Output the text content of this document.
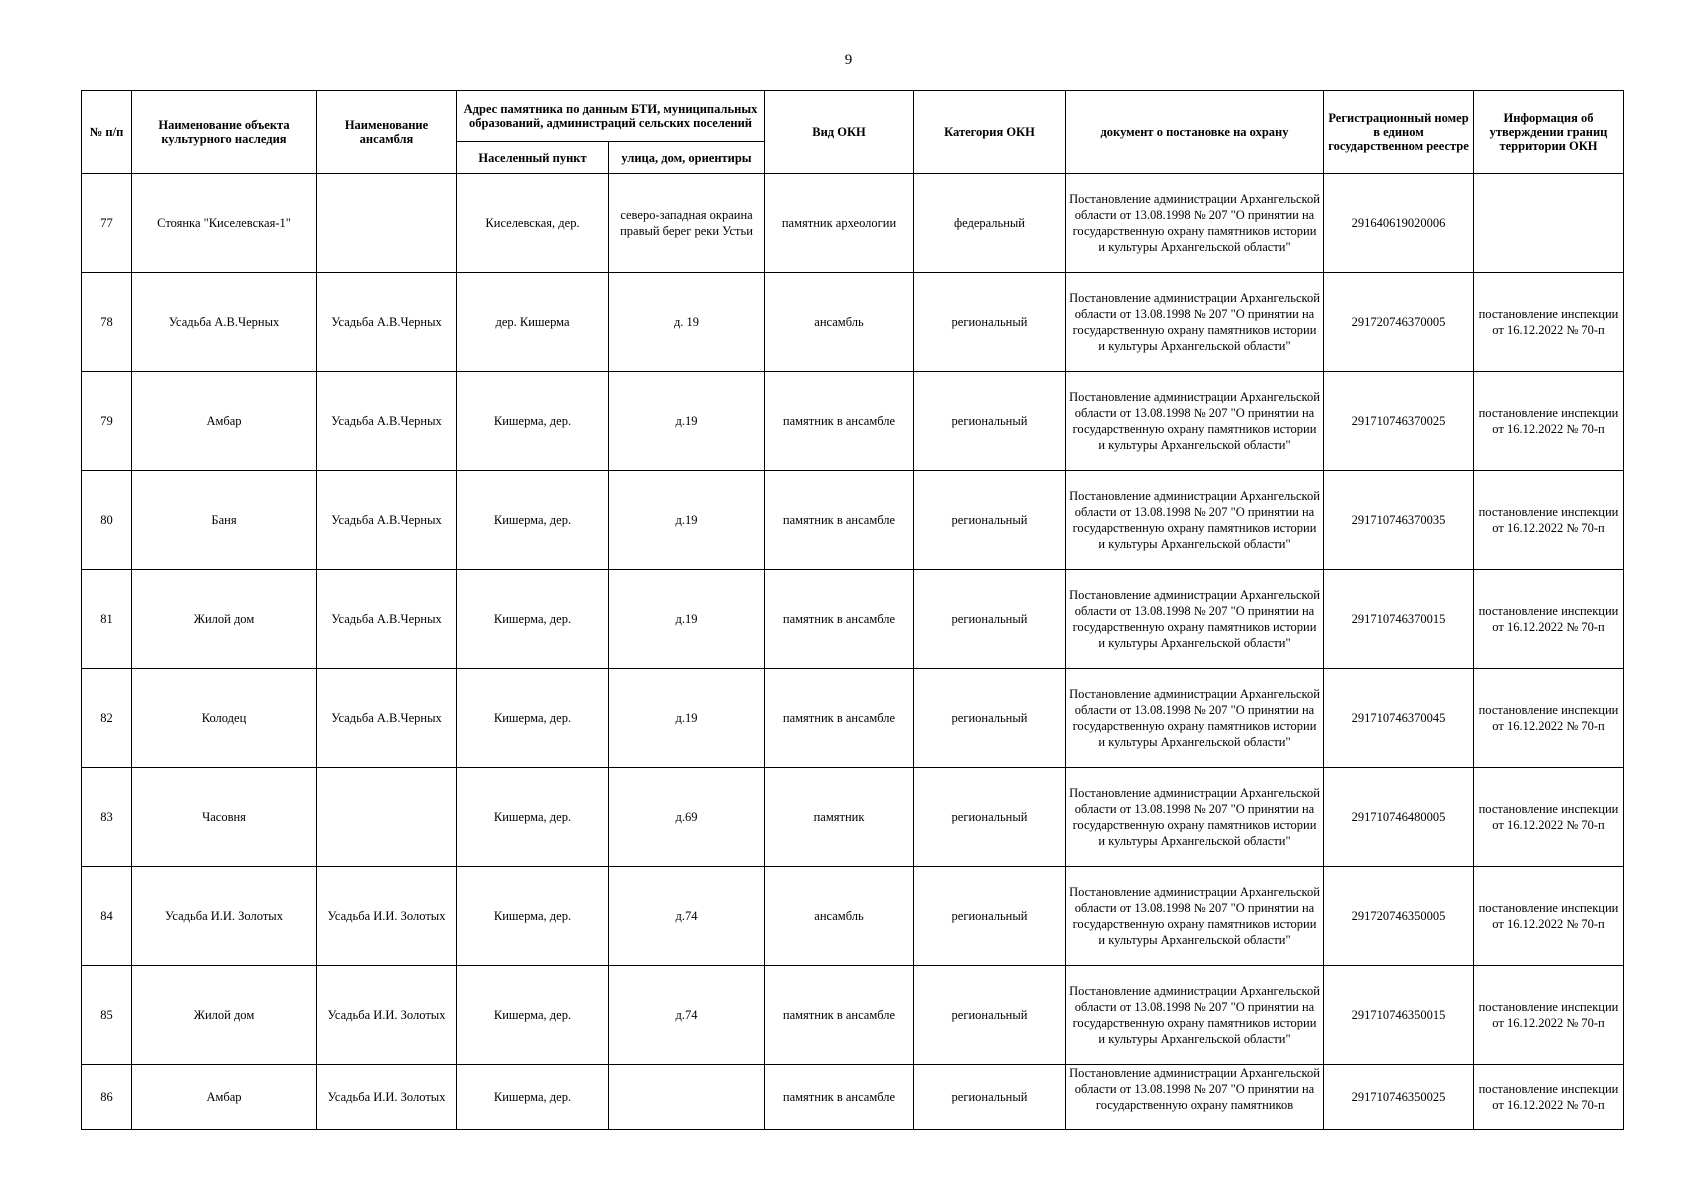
9
№ п/п	Наименование объекта культурного наследия	Наименование ансамбля	Адрес памятника по данным БТИ, муниципальных образований, администраций сельских поселений		Вид ОКН	Категория ОКН	документ о постановке на охрану	Регистрационный номер в едином государственном реестре	Информация об утверждении границ территории ОКН
			Населенный пункт	улица, дом, ориентиры					
77	Стоянка "Киселевская-1"		Киселевская, дер.	северо-западная окраина правый берег реки Устьи	памятник археологии	федеральный	Постановление администрации Архангельской области от 13.08.1998 № 207 "О принятии на государственную охрану памятников истории и культуры Архангельской области"	291640619020006	
78	Усадьба А.В.Черных	Усадьба А.В.Черных	дер. Кишерма	д. 19	ансамбль	региональный	Постановление администрации Архангельской области от 13.08.1998 № 207 "О принятии на государственную охрану памятников истории и культуры Архангельской области"	291720746370005	постановление инспекции от 16.12.2022 № 70-п
79	Амбар	Усадьба А.В.Черных	Кишерма, дер.	д.19	памятник в ансамбле	региональный	Постановление администрации Архангельской области от 13.08.1998 № 207 "О принятии на государственную охрану памятников истории и культуры Архангельской области"	291710746370025	постановление инспекции от 16.12.2022 № 70-п
80	Баня	Усадьба А.В.Черных	Кишерма, дер.	д.19	памятник в ансамбле	региональный	Постановление администрации Архангельской области от 13.08.1998 № 207 "О принятии на государственную охрану памятников истории и культуры Архангельской области"	291710746370035	постановление инспекции от 16.12.2022 № 70-п
81	Жилой дом	Усадьба А.В.Черных	Кишерма, дер.	д.19	памятник в ансамбле	региональный	Постановление администрации Архангельской области от 13.08.1998 № 207 "О принятии на государственную охрану памятников истории и культуры Архангельской области"	291710746370015	постановление инспекции от 16.12.2022 № 70-п
82	Колодец	Усадьба А.В.Черных	Кишерма, дер.	д.19	памятник в ансамбле	региональный	Постановление администрации Архангельской области от 13.08.1998 № 207 "О принятии на государственную охрану памятников истории и культуры Архангельской области"	291710746370045	постановление инспекции от 16.12.2022 № 70-п
83	Часовня		Кишерма, дер.	д.69	памятник	региональный	Постановление администрации Архангельской области от 13.08.1998 № 207 "О принятии на государственную охрану памятников истории и культуры Архангельской области"	291710746480005	постановление инспекции от 16.12.2022 № 70-п
84	Усадьба И.И. Золотых	Усадьба И.И. Золотых	Кишерма, дер.	д.74	ансамбль	региональный	Постановление администрации Архангельской области от 13.08.1998 № 207 "О принятии на государственную охрану памятников истории и культуры Архангельской области"	291720746350005	постановление инспекции от 16.12.2022 № 70-п
85	Жилой дом	Усадьба И.И. Золотых	Кишерма, дер.	д.74	памятник в ансамбле	региональный	Постановление администрации Архангельской области от 13.08.1998 № 207 "О принятии на государственную охрану памятников истории и культуры Архангельской области"	291710746350015	постановление инспекции от 16.12.2022 № 70-п
86	Амбар	Усадьба И.И. Золотых	Кишерма, дер.		памятник в ансамбле	региональный	Постановление администрации Архангельской области от 13.08.1998 № 207 "О принятии на государственную охрану памятников	291710746350025	постановление инспекции от 16.12.2022 № 70-п
